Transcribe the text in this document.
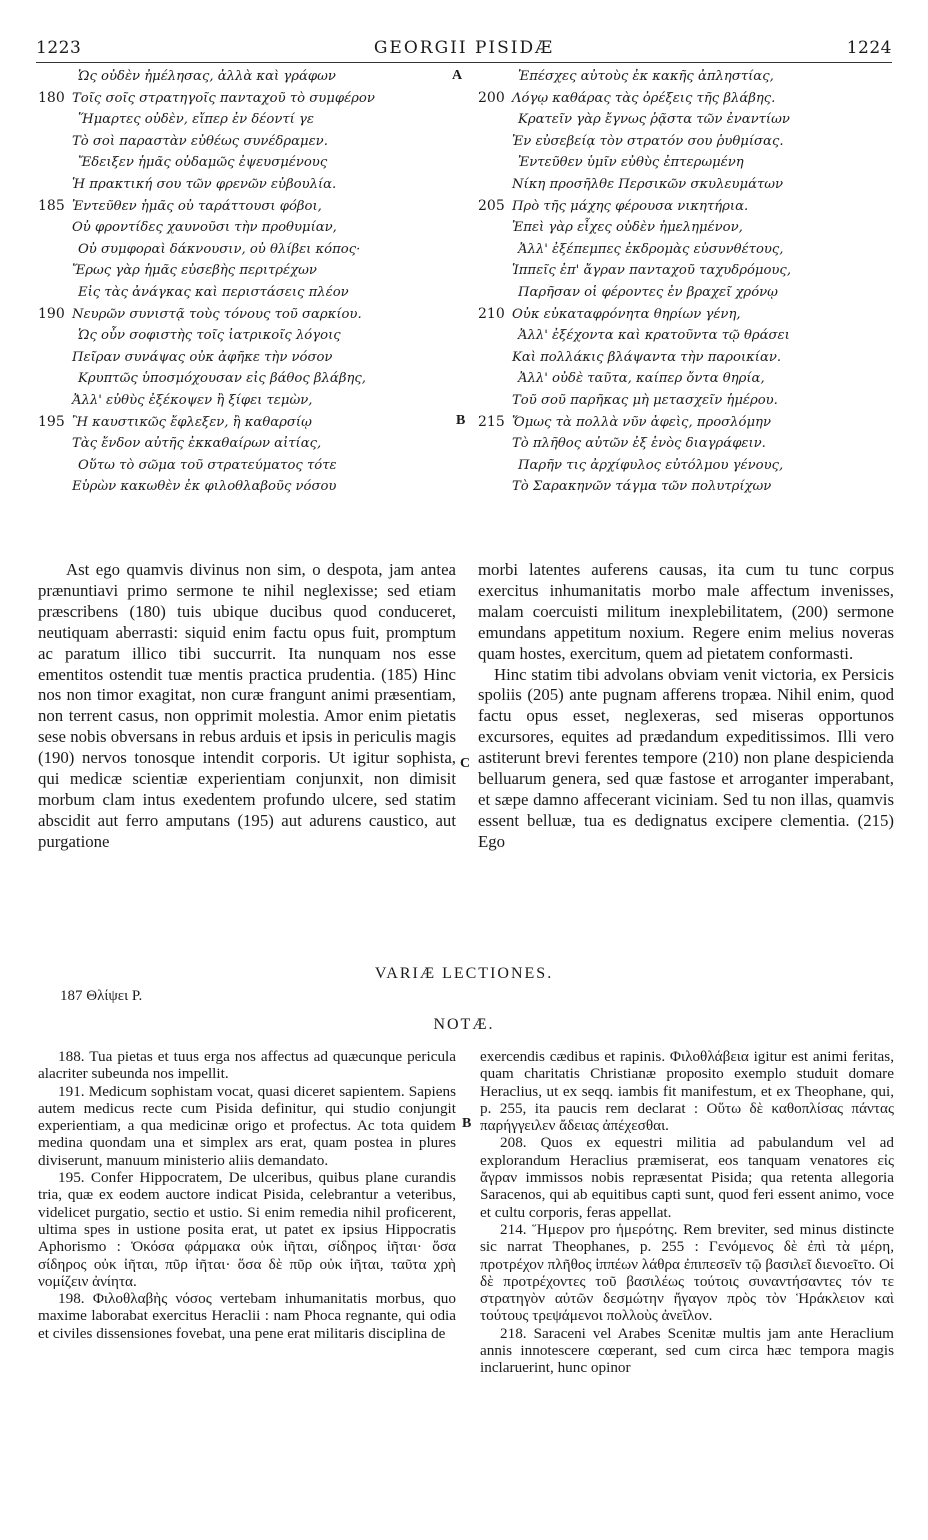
1223	GEORGII PISIDÆ	1224
Ὡς οὐδὲν ἠμέλησας, ἀλλὰ καὶ γράφων
180 Τοῖς σοῖς στρατηγοῖς πανταχοῦ τὸ συμφέρον
Ἥμαρτες οὐδὲν, εἴπερ ἐν δέοντί γε
Τὸ σοὶ παραστὰν εὐθέως συνέδραμεν.
Ἔδειξεν ἡμᾶς οὐδαμῶς ἐψευσμένους
Ἡ πρακτική σου τῶν φρενῶν εὐβουλία.
185 Ἐντεῦθεν ἡμᾶς οὐ ταράττουσι φόβοι,
Οὐ φροντίδες χαυνοῦσι τὴν προθυμίαν,
Οὐ συμφοραὶ δάκνουσιν, οὐ θλίβει κόπος·
Ἔρως γὰρ ἡμᾶς εὐσεβὴς περιτρέχων
Εἰς τὰς ἀνάγκας καὶ περιστάσεις πλέον
190 Νευρῶν συνιστᾷ τοὺς τόνους τοῦ σαρκίου.
Ὡς οὖν σοφιστὴς τοῖς ἰατρικοῖς λόγοις
Πεῖραν συνάψας οὐκ ἀφῆκε τὴν νόσον
Κρυπτῶς ὑποσμόχουσαν εἰς βάθος βλάβης,
Ἀλλ' εὐθὺς ἐξέκοψεν ἢ ξίφει τεμὼν,
195 Ἢ καυστικῶς ἔφλεξεν, ἢ καθαρσίῳ
Τὰς ἔνδον αὐτῆς ἐκκαθαίρων αἰτίας,
Οὕτω τὸ σῶμα τοῦ στρατεύματος τότε
Εὑρὼν κακωθὲν ἐκ φιλοθλαβοῦς νόσου
Ἐπέσχες αὐτοὺς ἐκ κακῆς ἀπληστίας,
200 Λόγῳ καθάρας τὰς ὀρέξεις τῆς βλάβης.
Κρατεῖν γὰρ ἔγνως ῥᾷστα τῶν ἐναντίων
Ἐν εὐσεβείᾳ τὸν στρατόν σου ῥυθμίσας.
Ἐντεῦθεν ὑμῖν εὐθὺς ἐπτερωμένη
Νίκη προσῆλθε Περσικῶν σκυλευμάτων
205 Πρὸ τῆς μάχης φέρουσα νικητήρια.
Ἐπεὶ γὰρ εἶχες οὐδὲν ἠμελημένον,
Ἀλλ' ἐξέπεμπες ἐκδρομὰς εὐσυνθέτους,
Ἱππεῖς ἐπ' ἄγραν πανταχοῦ ταχυδρόμους,
Παρῆσαν οἱ φέροντες ἐν βραχεῖ χρόνῳ
210 Οὐκ εὐκαταφρόνητα θηρίων γένη,
Ἀλλ' ἐξέχοντα καὶ κρατοῦντα τῷ θράσει
Καὶ πολλάκις βλάψαντα τὴν παροικίαν.
Ἀλλ' οὐδὲ ταῦτα, καίπερ ὄντα θηρία,
Τοῦ σοῦ παρῆκας μὴ μετασχεῖν ἡμέρου.
215 Ὅμως τὰ πολλὰ νῦν ἀφεὶς, προσλόμην
Τὸ πλῆθος αὐτῶν ἐξ ἑνὸς διαγράφειν.
Παρῆν τις ἀρχίφυλος εὐτόλμου γένους,
Τὸ Σαρακηνῶν τάγμα τῶν πολυτρίχων
A
B
C
B

Ast ego quamvis divinus non sim, o despota, jam antea prænuntiavi primo sermone te nihil neglexisse; sed etiam præscribens (180) tuis ubique ducibus quod conduceret, neutiquam aberrasti: siquid enim factu opus fuit, promptum ac paratum illico tibi succurrit. Ita nunquam nos esse ementitos ostendit tuæ mentis practica prudentia. (185) Hinc nos non timor exagitat, non curæ frangunt animi præsentiam, non terrent casus, non opprimit molestia. Amor enim pietatis sese nobis obversans in rebus arduis et ipsis in periculis magis (190) nervos tonosque intendit corporis. Ut igitur sophista, qui medicæ scientiæ experientiam conjunxit, non dimisit morbum clam intus exedentem profundo ulcere, sed statim abscidit aut ferro amputans (195) aut adurens caustico, aut purgatione

morbi latentes auferens causas, ita cum tu tunc corpus exercitus inhumanitatis morbo male affectum invenisses, malam coercuisti militum inexplebilitatem, (200) sermone emundans appetitum noxium. Regere enim melius noveras quam hostes, exercitum, quem ad pietatem conformasti.

Hinc statim tibi advolans obviam venit victoria, ex Persicis spoliis (205) ante pugnam afferens tropæa. Nihil enim, quod factu opus esset, neglexeras, sed miseras opportunos excursores, equites ad prædandum expeditissimos. Illi vero astiterunt brevi ferentes tempore (210) non plane despicienda belluarum genera, sed quæ fastose et arroganter imperabant, et sæpe damno affecerant viciniam. Sed tu non illas, quamvis essent belluæ, tua es dedignatus excipere clementia. (215) Ego

VARIÆ LECTIONES.
187 Θλίψει P.
NOTÆ.

188. Tua pietas et tuus erga nos affectus ad quæcunque pericula alacriter subeunda nos impellit.

191. Medicum sophistam vocat, quasi diceret sapientem. Sapiens autem medicus recte cum Pisida definitur, qui studio conjungit experientiam, a qua medicinæ origo et profectus. Ac tota quidem medina quondam una et simplex ars erat, quam postea in plures diviserunt, manuum ministerio aliis demandato.

195. Confer Hippocratem, De ulceribus, quibus plane curandis tria, quæ ex eodem auctore indicat Pisida, celebrantur a veteribus, videlicet purgatio, sectio et ustio. Si enim remedia nihil proficerent, ultima spes in ustione posita erat, ut patet ex ipsius Hippocratis Aphorismo : Ὁκόσα φάρμακα οὐκ ἰῆται, σίδηρος ἰῆται· ὅσα σίδηρος οὐκ ἰῆται, πῦρ ἰῆται· ὅσα δὲ πῦρ οὐκ ἰῆται, ταῦτα χρὴ νομίζειν ἀνίητα.

198. Φιλοθλαβὴς νόσος vertebam inhumanitatis morbus, quo maxime laborabat exercitus Heraclii : nam Phoca regnante, qui odia et civiles dissensiones fovebat, una pene erat militaris disciplina de

exercendis cædibus et rapinis. Φιλοθλάβεια igitur est animi feritas, quam charitatis Christianæ proposito exemplo studuit domare Heraclius, ut ex seqq. iambis fit manifestum, et ex Theophane, qui, p. 255, ita paucis rem declarat : Οὕτω δὲ καθοπλίσας πάντας παρήγγειλεν ἄδειας ἀπέχεσθαι.

208. Quos ex equestri militia ad pabulandum vel ad explorandum Heraclius præmiserat, eos tanquam venatores εἰς ἄγραν immissos nobis repræsentat Pisida; qua retenta allegoria Saracenos, qui ab equitibus capti sunt, quod feri essent animo, voce et cultu corporis, feras appellat.

214. Ἥμερον pro ἡμερότης. Rem breviter, sed minus distincte sic narrat Theophanes, p. 255 : Γενόμενος δὲ ἐπὶ τὰ μέρη, προτρέχον πλῆθος ἱππέων λάθρα ἐπιπεσεῖν τῷ βασιλεῖ διενοεῖτο. Οἱ δὲ προτρέχοντες τοῦ βασιλέως τούτοις συναντήσαντες τόν τε στρατηγὸν αὐτῶν δεσμώτην ἤγαγον πρὸς τὸν Ἡράκλειον καὶ τούτους τρεψάμενοι πολλοὺς ἀνεῖλον.

218. Saraceni vel Arabes Scenitæ multis jam ante Heraclium annis innotescere cœperant, sed cum circa hæc tempora magis inclaruerint, hunc opinor
